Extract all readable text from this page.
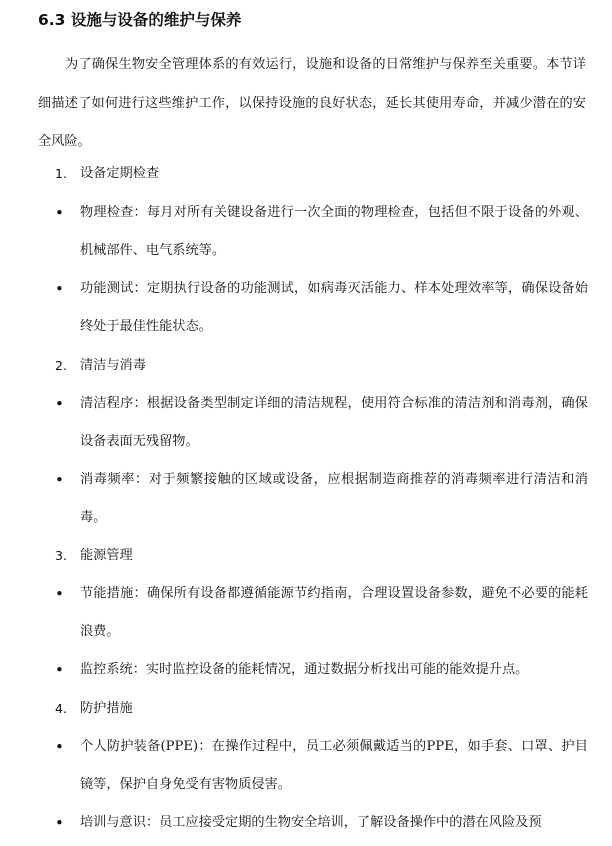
6.3 设施与设备的维护与保养

为了确保生物安全管理体系的有效运行，设施和设备的日常维护与保养至关重要。本节详细描述了如何进行这些维护工作，以保持设施的良好状态，延长其使用寿命，并减少潜在的安全风险。

1. 设备定期检查
• 物理检查：每月对所有关键设备进行一次全面的物理检查，包括但不限于设备的外观、机械部件、电气系统等。

• 功能测试：定期执行设备的功能测试，如病毒灭活能力、样本处理效率等，确保设备始终处于最佳性能状态。

2. 清洁与消毒
• 清洁程序：根据设备类型制定详细的清洁规程，使用符合标准的清洁剂和消毒剂，确保设备表面无残留物。

• 消毒频率：对于频繁接触的区域或设备，应根据制造商推荐的消毒频率进行清洁和消毒。

3. 能源管理
• 节能措施：确保所有设备都遵循能源节约指南，合理设置设备参数，避免不必要的能耗浪费。

• 监控系统：实时监控设备的能耗情况，通过数据分析找出可能的能效提升点。

4. 防护措施
• 个人防护装备(PPE)：在操作过程中，员工必须佩戴适当的PPE，如手套、口罩、护目镜等，保护自身免受有害物质侵害。

• 培训与意识：员工应接受定期的生物安全培训，了解设备操作中的潜在风险及预
